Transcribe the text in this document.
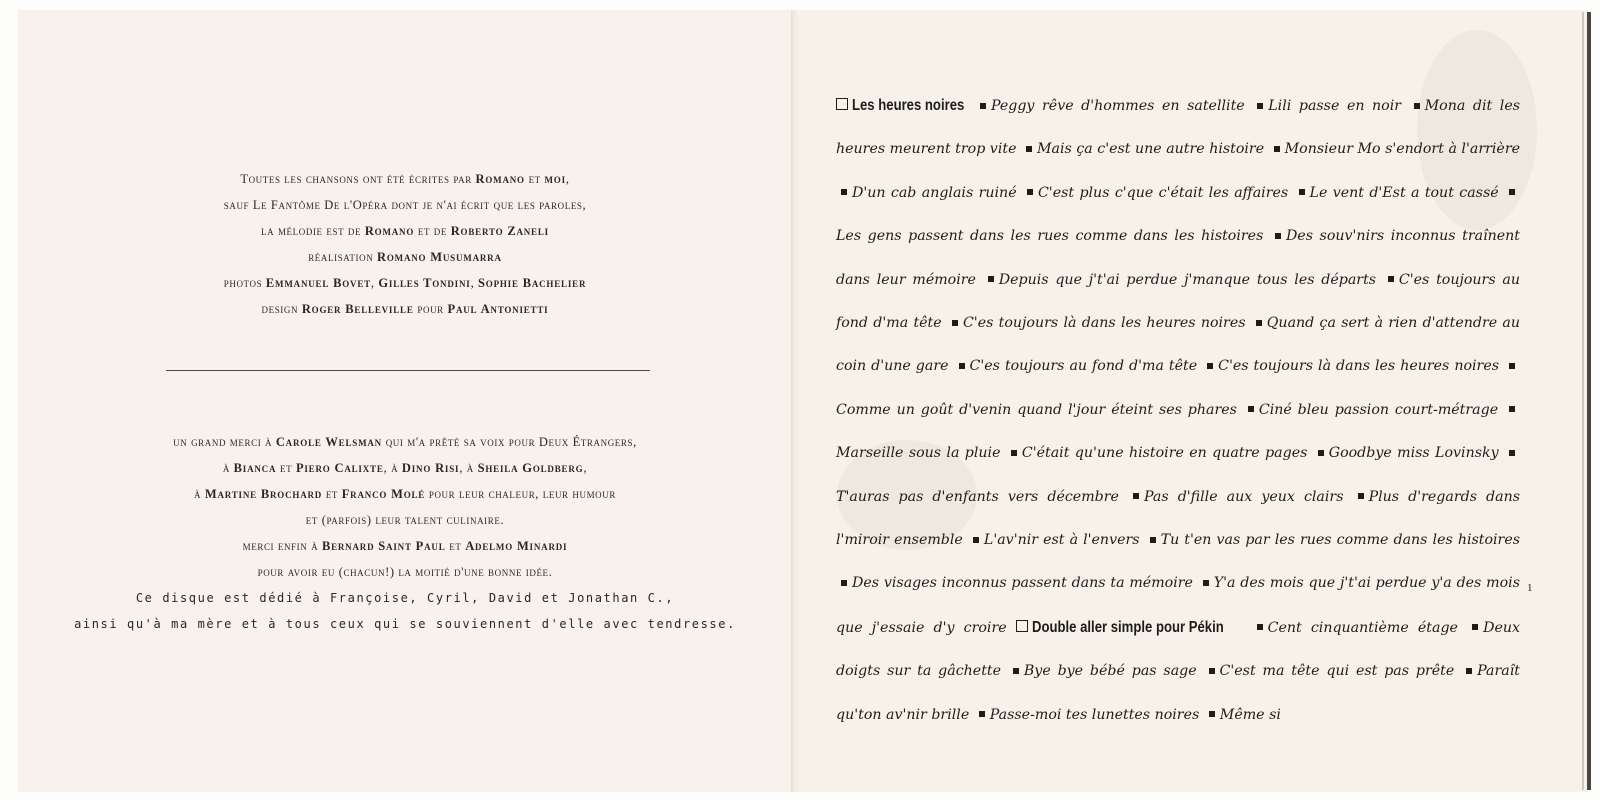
Toutes les chansons ont été écrites par Romano et moi,

sauf Le Fantôme De l'Opéra dont je n'ai écrit que les paroles,

la mélodie est de Romano et de Roberto Zaneli

réalisation Romano Musumarra

photos Emmanuel Bovet, Gilles Tondini, Sophie Bachelier

design Roger Belleville pour Paul Antonietti

un grand merci à Carole Welsman qui m'a prêté sa voix pour Deux Étrangers,

à Bianca et Piero Calixte, à Dino Risi, à Sheila Goldberg,

à Martine Brochard et Franco Molé pour leur chaleur, leur humour

et (parfois) leur talent culinaire.

merci enfin à Bernard Saint Paul et Adelmo Minardi

pour avoir eu (chacun!) la moitié d'une bonne idée.

Ce disque est dédié à Françoise, Cyril, David et Jonathan C.,

ainsi qu'à ma mère et à tous ceux qui se souviennent d'elle avec tendresse.

Les heures noires Peggy rêve d'hommes en satellite Lili passe en noir Mona dit les heures meurent trop vite Mais ça c'est une autre histoire Monsieur Mo s'endort à l'arrière D'un cab anglais ruiné C'est plus c'que c'était les affaires Le vent d'Est a tout cassé Les gens passent dans les rues comme dans les histoires Des souv'nirs inconnus traînent dans leur mémoire Depuis que j't'ai perdue j'manque tous les départs C'es toujours au fond d'ma tête C'es toujours là dans les heures noires Quand ça sert à rien d'attendre au coin d'une gare C'es toujours au fond d'ma tête C'es toujours là dans les heures noires Comme un goût d'venin quand l'jour éteint ses phares Ciné bleu passion court-métrage Marseille sous la pluie C'était qu'une histoire en quatre pages Goodbye miss Lovinsky T'auras pas d'enfants vers décembre Pas d'fille aux yeux clairs Plus d'regards dans l'miroir ensemble L'av'nir est à l'envers Tu t'en vas par les rues comme dans les histoires Des visages inconnus passent dans ta mémoire Y'a des mois que j't'ai perdue y'a des mois que j'essaie d'y croire Double aller simple pour Pékin	Cent cinquantième étage Deux doigts sur ta gâchette Bye bye bébé pas sage C'est ma tête qui est pas prête Paraît qu'ton av'nir brille Passe-moi tes lunettes noires Même si

1
